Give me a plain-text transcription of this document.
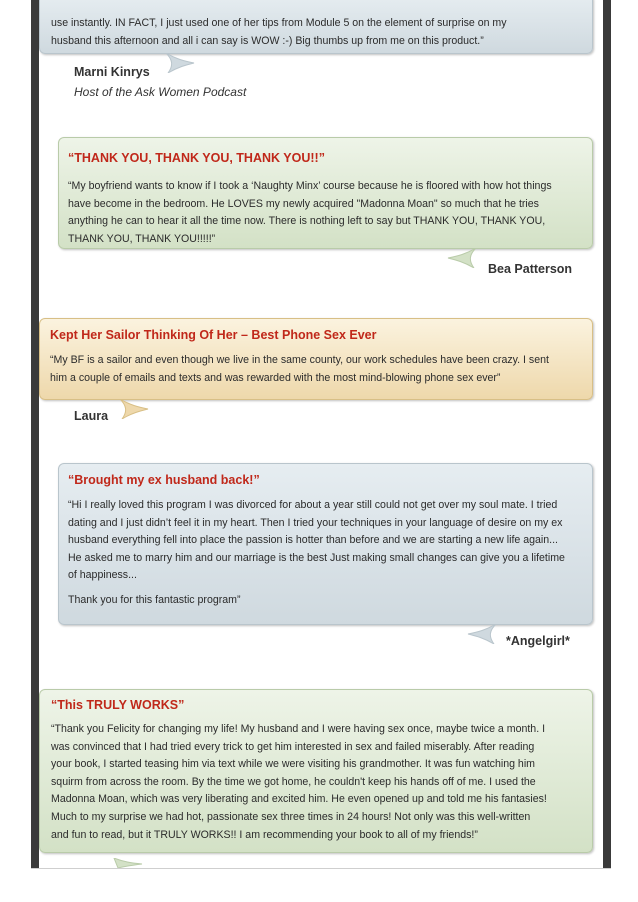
use instantly. IN FACT, I just used one of her tips from Module 5 on the element of surprise on my

husband this afternoon and all i can say is WOW :-) Big thumbs up from me on this product.”

Marni Kinrys
Host of the Ask Women Podcast

“THANK YOU, THANK YOU, THANK YOU!!”

“My boyfriend wants to know if I took a ‘Naughty Minx’ course because he is floored with how hot things

have become in the bedroom. He LOVES my newly acquired "Madonna Moan" so much that he tries

anything he can to hear it all the time now. There is nothing left to say but THANK YOU, THANK YOU,

THANK YOU, THANK YOU!!!!!”

Bea Patterson

Kept Her Sailor Thinking Of Her – Best Phone Sex Ever

“My BF is a sailor and even though we live in the same county, our work schedules have been crazy. I sent

him a couple of emails and texts and was rewarded with the most mind-blowing phone sex ever”

Laura

“Brought my ex husband back!”

“Hi I really loved this program I was divorced for about a year still could not get over my soul mate. I tried

dating and I just didn’t feel it in my heart. Then I tried your techniques in your language of desire on my ex

husband everything fell into place the passion is hotter than before and we are starting a new life again...

He asked me to marry him and our marriage is the best Just making small changes can give you a lifetime

of happiness...

Thank you for this fantastic program”

*Angelgirl*

“This TRULY WORKS”

“Thank you Felicity for changing my life! My husband and I were having sex once, maybe twice a month. I

was convinced that I had tried every trick to get him interested in sex and failed miserably. After reading

your book, I started teasing him via text while we were visiting his grandmother. It was fun watching him

squirm from across the room. By the time we got home, he couldn't keep his hands off of me. I used the

Madonna Moan, which was very liberating and excited him. He even opened up and told me his fantasies!

Much to my surprise we had hot, passionate sex three times in 24 hours! Not only was this well-written

and fun to read, but it TRULY WORKS!! I am recommending your book to all of my friends!”
